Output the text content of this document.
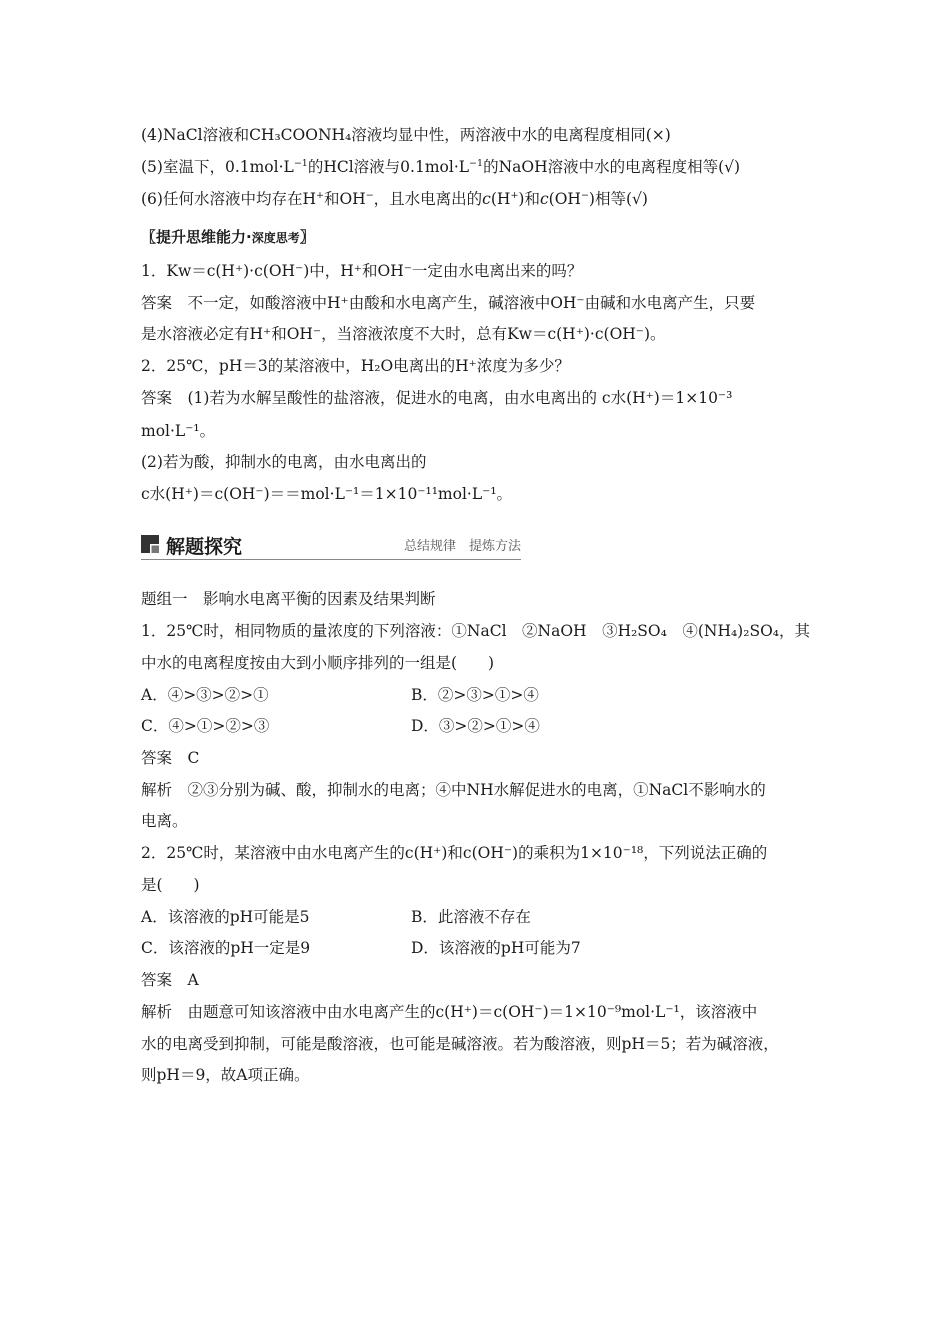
(4)NaCl溶液和CH₃COONH₄溶液均显中性，两溶液中水的电离程度相同(×)
(5)室温下，$0.1mol\cdot L^{-1}$的HCl溶液与$0.1mol\cdot L^{-1}$的NaOH溶液中水的电离程度相等(√)
(6)任何水溶液中均存在H+和OH−，且水电离出的c(H+)和c(OH−)相等(√)
〖提升思维能力·深度思考〗
1．Kw＝c(H⁺)·c(OH⁻)中，H⁺和OH⁻一定由水电离出来的吗？
答案　不一定，如酸溶液中H⁺由酸和水电离产生，碱溶液中OH⁻由碱和水电离产生，只要
是水溶液必定有H⁺和OH⁻，当溶液浓度不大时，总有Kw＝c(H⁺)·c(OH⁻)。
2．25℃，pH＝3的某溶液中，H₂O电离出的H⁺浓度为多少？
答案　(1)若为水解呈酸性的盐溶液，促进水的电离，由水电离出的 c水(H⁺)＝1×10⁻³
mol·L⁻¹。
(2)若为酸，抑制水的电离，由水电离出的
c水(H⁺)＝c(OH⁻)＝＝mol·L⁻¹＝1×10⁻¹¹mol·L⁻¹。
解题探究	总结规律　提炼方法
题组一　影响水电离平衡的因素及结果判断
1．25℃时，相同物质的量浓度的下列溶液：①NaCl　②NaOH　③H₂SO₄　④(NH₄)₂SO₄，其
中水的电离程度按由大到小顺序排列的一组是(　　)
A．④>③>②>①	B．②>③>①>④
C．④>①>②>③	D．③>②>①>④
答案　C
解析　②③分别为碱、酸，抑制水的电离；④中NH水解促进水的电离，①NaCl不影响水的
电离。
2．25℃时，某溶液中由水电离产生的c(H⁺)和c(OH⁻)的乘积为1×10⁻¹⁸，下列说法正确的
是(　　)
A．该溶液的pH可能是5	B．此溶液不存在
C．该溶液的pH一定是9	D．该溶液的pH可能为7
答案　A
解析　由题意可知该溶液中由水电离产生的c(H⁺)＝c(OH⁻)＝1×10⁻⁹mol·L⁻¹，该溶液中
水的电离受到抑制，可能是酸溶液，也可能是碱溶液。若为酸溶液，则pH＝5；若为碱溶液，
则pH＝9，故A项正确。
